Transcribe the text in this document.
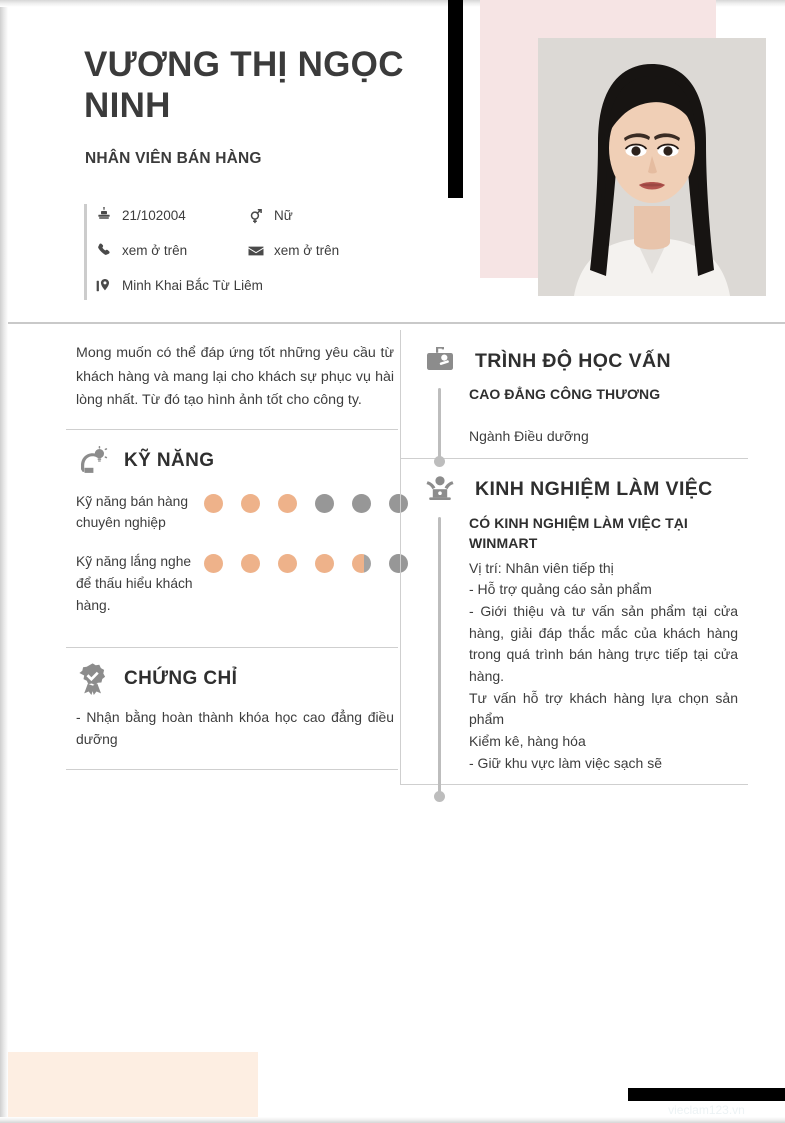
VƯƠNG THỊ NGỌC NINH
NHÂN VIÊN BÁN HÀNG
21/102004	Nữ
xem ở trên	xem ở trên
Minh Khai Bắc Từ Liêm
Mong muốn có thể đáp ứng tốt những yêu cầu từ khách hàng và mang lại cho khách sự phục vụ hài lòng nhất. Từ đó tạo hình ảnh tốt cho công ty.
KỸ NĂNG
Kỹ năng bán hàng chuyên nghiệp
Kỹ năng lắng nghe để thấu hiểu khách hàng.
CHỨNG CHỈ
- Nhận bằng hoàn thành khóa học cao đẳng điều dưỡng
TRÌNH ĐỘ HỌC VẤN
CAO ĐẲNG CÔNG THƯƠNG
Ngành Điều dưỡng
KINH NGHIỆM LÀM VIỆC
CÓ KINH NGHIỆM LÀM VIỆC TẠI WINMART
Vị trí: Nhân viên tiếp thị
- Hỗ trợ quảng cáo sản phẩm
- Giới thiệu và tư vấn sản phẩm tại cửa hàng, giải đáp thắc mắc của khách hàng trong quá trình bán hàng trực tiếp tại cửa hàng.
Tư vấn hỗ trợ khách hàng lựa chọn sản phẩm
Kiểm kê, hàng hóa
- Giữ khu vực làm việc sạch sẽ
vieclam123.vn
